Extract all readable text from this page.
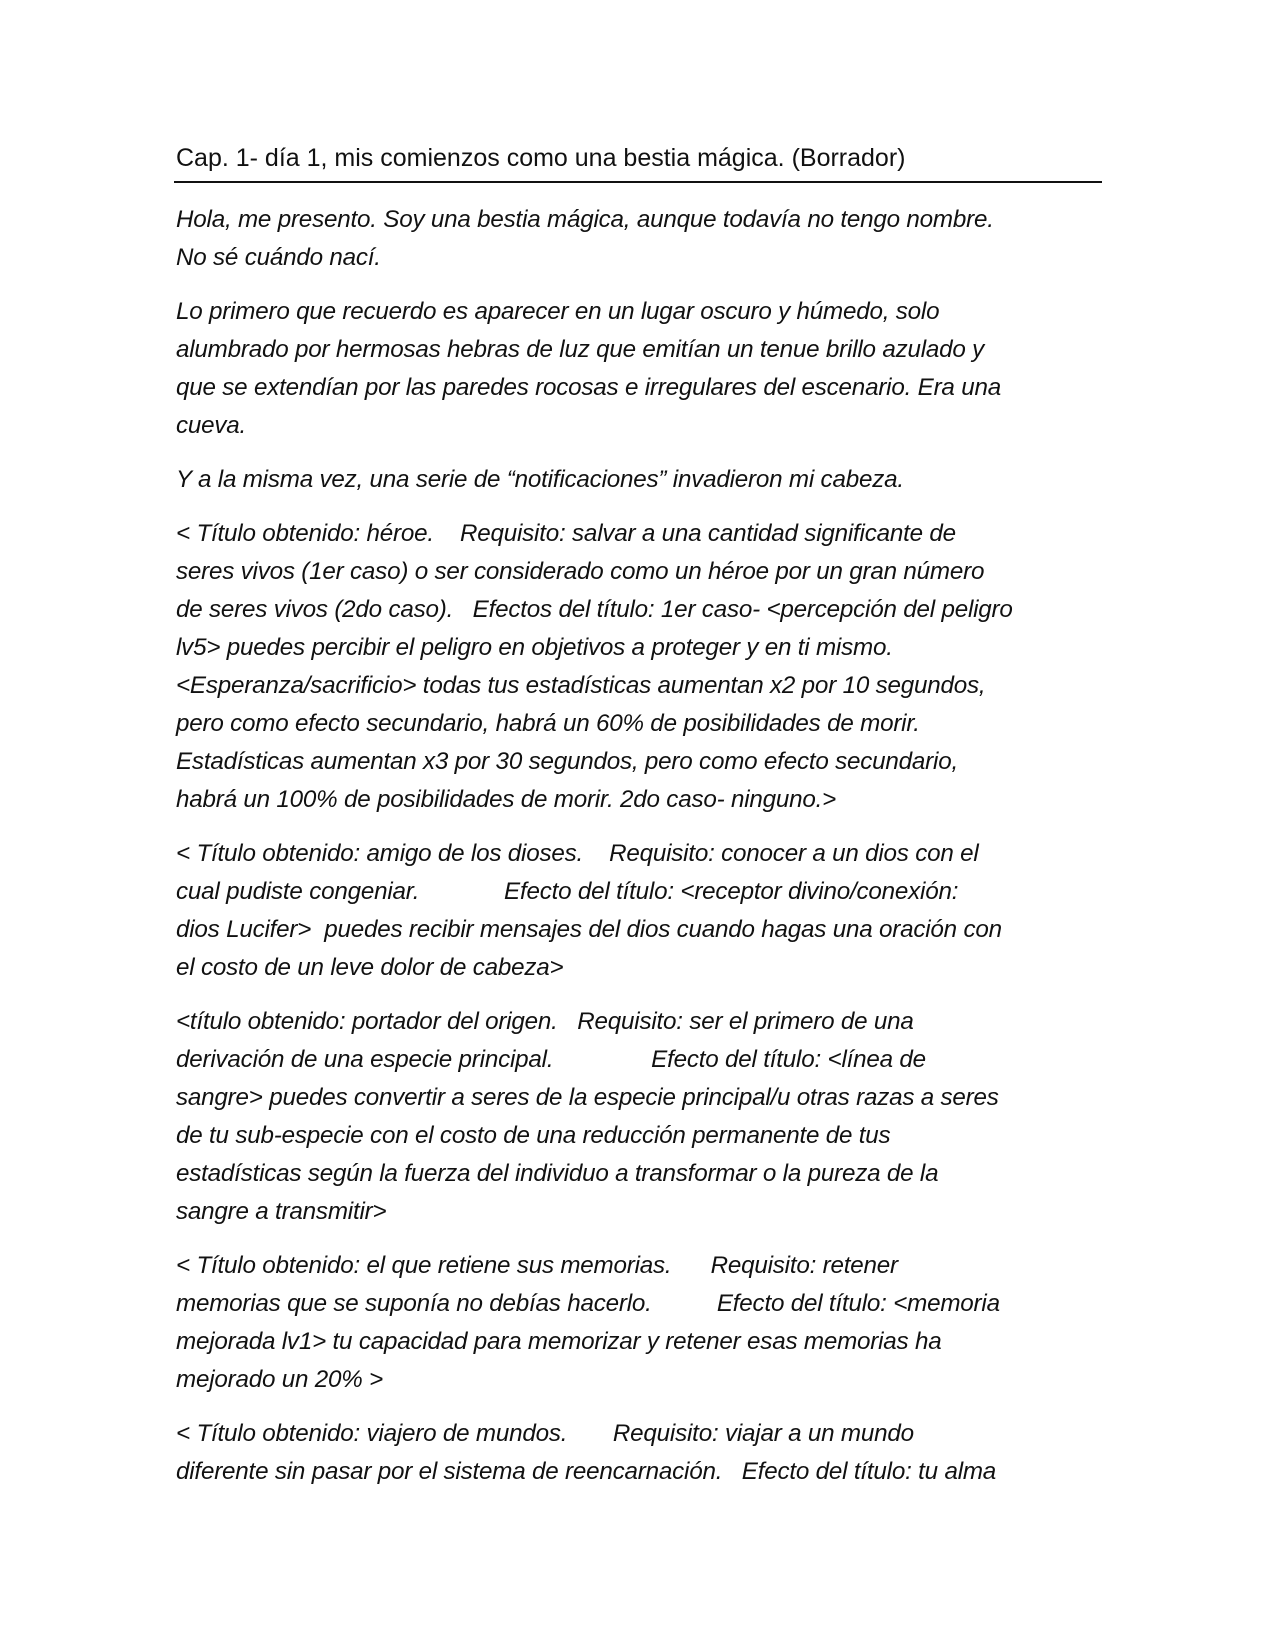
Cap. 1- día 1, mis comienzos como una bestia mágica. (Borrador)

Hola, me presento. Soy una bestia mágica, aunque todavía no tengo nombre.
No sé cuándo nací.

Lo primero que recuerdo es aparecer en un lugar oscuro y húmedo, solo
alumbrado por hermosas hebras de luz que emitían un tenue brillo azulado y
que se extendían por las paredes rocosas e irregulares del escenario. Era una
cueva.

Y a la misma vez, una serie de “notificaciones” invadieron mi cabeza.

< Título obtenido: héroe.    Requisito: salvar a una cantidad significante de
seres vivos (1er caso) o ser considerado como un héroe por un gran número
de seres vivos (2do caso).   Efectos del título: 1er caso- <percepción del peligro
lv5> puedes percibir el peligro en objetivos a proteger y en ti mismo.
<Esperanza/sacrificio> todas tus estadísticas aumentan x2 por 10 segundos,
pero como efecto secundario, habrá un 60% de posibilidades de morir.
Estadísticas aumentan x3 por 30 segundos, pero como efecto secundario,
habrá un 100% de posibilidades de morir. 2do caso- ninguno.>

< Título obtenido: amigo de los dioses.    Requisito: conocer a un dios con el
cual pudiste congeniar.             Efecto del título: <receptor divino/conexión:
dios Lucifer>  puedes recibir mensajes del dios cuando hagas una oración con
el costo de un leve dolor de cabeza>

<título obtenido: portador del origen.   Requisito: ser el primero de una
derivación de una especie principal.               Efecto del título: <línea de
sangre> puedes convertir a seres de la especie principal/u otras razas a seres
de tu sub-especie con el costo de una reducción permanente de tus
estadísticas según la fuerza del individuo a transformar o la pureza de la
sangre a transmitir>

< Título obtenido: el que retiene sus memorias.      Requisito: retener
memorias que se suponía no debías hacerlo.          Efecto del título: <memoria
mejorada lv1> tu capacidad para memorizar y retener esas memorias ha
mejorado un 20% >

< Título obtenido: viajero de mundos.       Requisito: viajar a un mundo
diferente sin pasar por el sistema de reencarnación.   Efecto del título: tu alma
